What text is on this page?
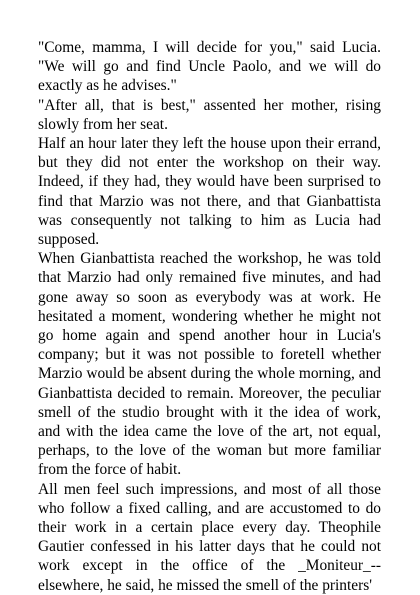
"Come, mamma, I will decide for you," said Lucia. "We will go and find Uncle Paolo, and we will do exactly as he advises."

"After all, that is best," assented her mother, rising slowly from her seat.

Half an hour later they left the house upon their errand, but they did not enter the workshop on their way. Indeed, if they had, they would have been surprised to find that Marzio was not there, and that Gianbattista was consequently not talking to him as Lucia had supposed.

When Gianbattista reached the workshop, he was told that Marzio had only remained five minutes, and had gone away so soon as everybody was at work. He hesitated a moment, wondering whether he might not go home again and spend another hour in Lucia's company; but it was not possible to foretell whether Marzio would be absent during the whole morning, and Gianbattista decided to remain. Moreover, the peculiar smell of the studio brought with it the idea of work, and with the idea came the love of the art, not equal, perhaps, to the love of the woman but more familiar from the force of habit.

All men feel such impressions, and most of all those who follow a fixed calling, and are accustomed to do their work in a certain place every day. Theophile Gautier confessed in his latter days that he could not work except in the office of the _Moniteur_--elsewhere, he said, he missed the smell of the printers'
